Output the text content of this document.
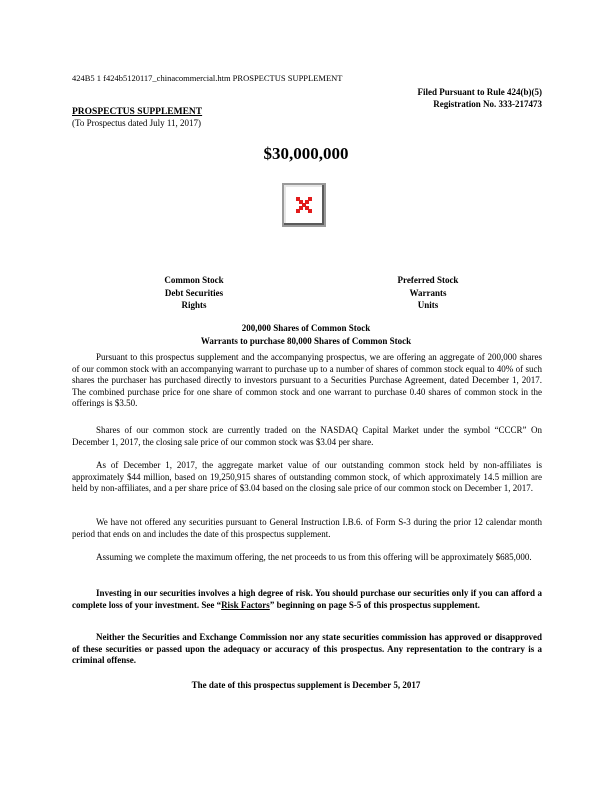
424B5 1 f424b5120117_chinacommercial.htm PROSPECTUS SUPPLEMENT
Filed Pursuant to Rule 424(b)(5)
Registration No. 333-217473
PROSPECTUS SUPPLEMENT
(To Prospectus dated July 11, 2017)
$30,000,000
Common Stock
Debt Securities
Rights
Preferred Stock
Warrants
Units
200,000 Shares of Common Stock
Warrants to purchase 80,000 Shares of Common Stock

Pursuant to this prospectus supplement and the accompanying prospectus, we are offering an aggregate of 200,000 shares of our common stock with an accompanying warrant to purchase up to a number of shares of common stock equal to 40% of such shares the purchaser has purchased directly to investors pursuant to a Securities Purchase Agreement, dated December 1, 2017. The combined purchase price for one share of common stock and one warrant to purchase 0.40 shares of common stock in the offerings is $3.50.

Shares of our common stock are currently traded on the NASDAQ Capital Market under the symbol “CCCR” On December 1, 2017, the closing sale price of our common stock was $3.04 per share.

As of December 1, 2017, the aggregate market value of our outstanding common stock held by non-affiliates is approximately $44 million, based on 19,250,915 shares of outstanding common stock, of which approximately 14.5 million are held by non-affiliates, and a per share price of $3.04 based on the closing sale price of our common stock on December 1, 2017.

We have not offered any securities pursuant to General Instruction I.B.6. of Form S-3 during the prior 12 calendar month period that ends on and includes the date of this prospectus supplement.

Assuming we complete the maximum offering, the net proceeds to us from this offering will be approximately $685,000.

Investing in our securities involves a high degree of risk. You should purchase our securities only if you can afford a complete loss of your investment. See “Risk Factors” beginning on page S-5 of this prospectus supplement.

Neither the Securities and Exchange Commission nor any state securities commission has approved or disapproved of these securities or passed upon the adequacy or accuracy of this prospectus. Any representation to the contrary is a criminal offense.

The date of this prospectus supplement is December 5, 2017
